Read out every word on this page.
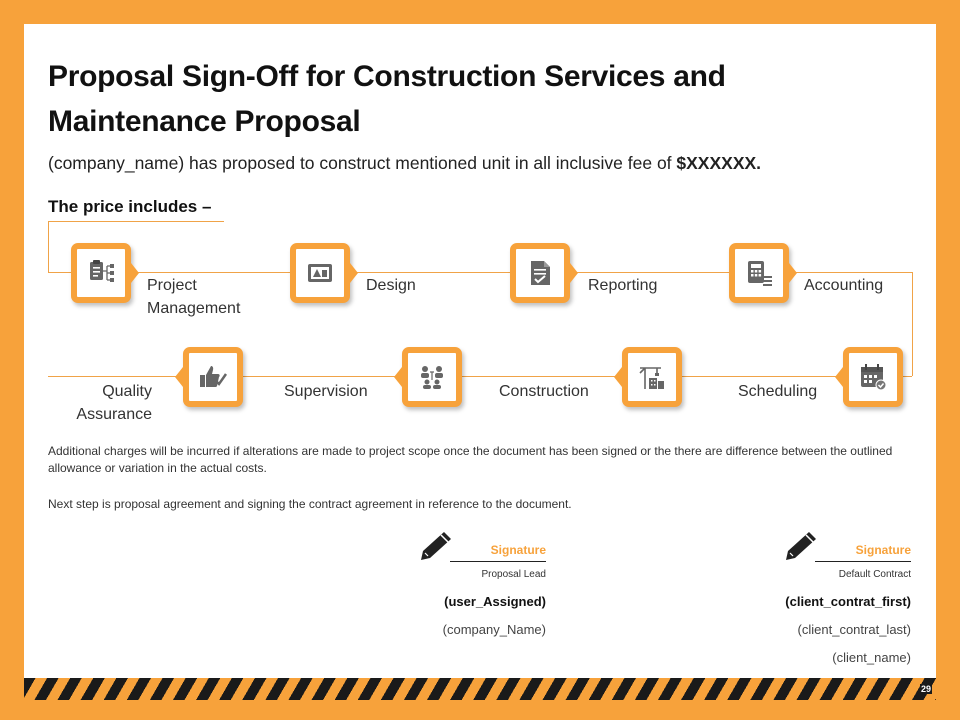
29
Proposal Sign-Off for Construction Services and Maintenance Proposal
(company_name) has proposed to construct mentioned unit in all inclusive fee of $XXXXXX.
The price includes –
Project Management
Design	Reporting	Accounting
Quality Assurance
Supervision	Construction	Scheduling
Additional charges will be incurred if alterations are made to project scope once the document has been signed or the there are difference between the outlined allowance or variation in the actual costs.
Next step is proposal agreement and signing the contract agreement in reference to the document.
Signature
Proposal Lead
(user_Assigned)
(company_Name)
Signature
Default Contract
(client_contrat_first)
(client_contrat_last)
(client_name)
